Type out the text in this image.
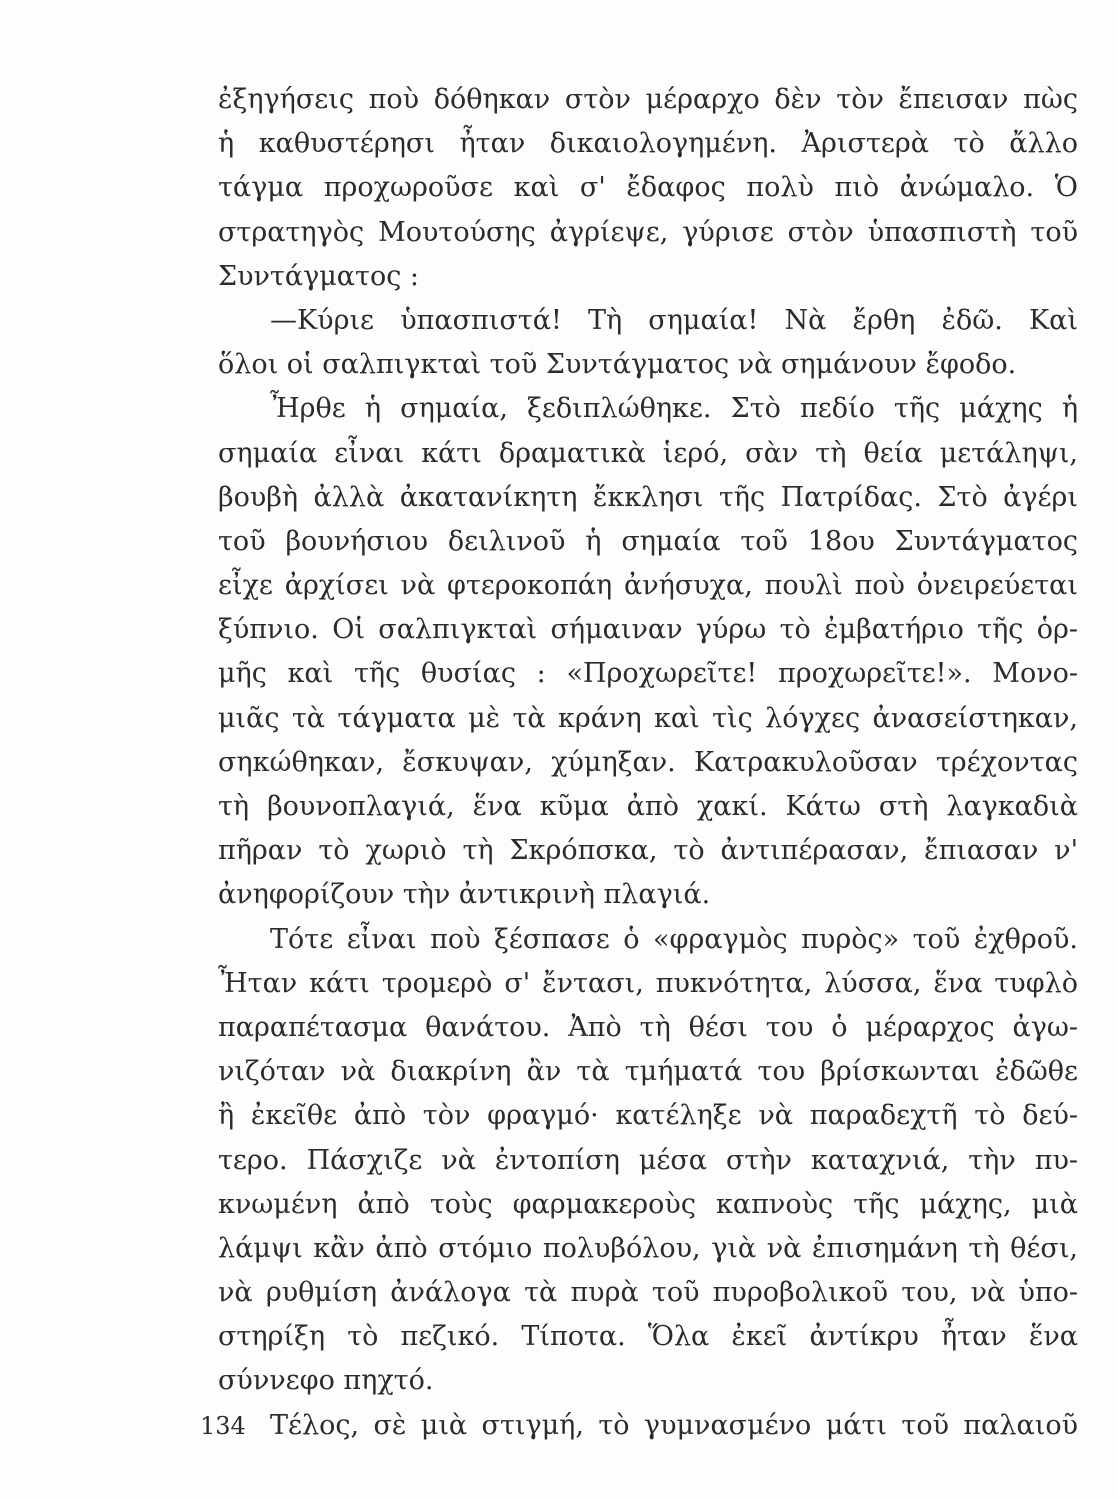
ἐξηγήσεις ποὺ δόθηκαν στὸν μέραρχο δὲν τὸν ἔπεισαν πὼς
ἡ καθυστέρησι ἦταν δικαιολογημένη. Ἀριστερὰ τὸ ἄλλο
τάγμα προχωροῦσε καὶ σ' ἔδαφος πολὺ πιὸ ἀνώμαλο. Ὁ
στρατηγὸς Μουτούσης ἀγρίεψε, γύρισε στὸν ὑπασπιστὴ τοῦ
Συντάγματος :
—Κύριε ὑπασπιστά! Τὴ σημαία! Νὰ ἔρθη ἐδῶ. Καὶ
ὅλοι οἱ σαλπιγκταὶ τοῦ Συντάγματος νὰ σημάνουν ἔφοδο.
Ἦρθε ἡ σημαία, ξεδιπλώθηκε. Στὸ πεδίο τῆς μάχης ἡ
σημαία εἶναι κάτι δραματικὰ ἱερό, σὰν τὴ θεία μετάληψι,
βουβὴ ἀλλὰ ἀκατανίκητη ἔκκλησι τῆς Πατρίδας. Στὸ ἀγέρι
τοῦ βουνήσιου δειλινοῦ ἡ σημαία τοῦ 18ου Συντάγματος
εἶχε ἀρχίσει νὰ φτεροκοπάη ἀνήσυχα, πουλὶ ποὺ ὀνειρεύεται
ξύπνιο. Οἱ σαλπιγκταὶ σήμαιναν γύρω τὸ ἐμβατήριο τῆς ὁρ-
μῆς καὶ τῆς θυσίας : «Προχωρεῖτε! προχωρεῖτε!». Μονο-
μιᾶς τὰ τάγματα μὲ τὰ κράνη καὶ τὶς λόγχες ἀνασείστηκαν,
σηκώθηκαν, ἔσκυψαν, χύμηξαν. Κατρακυλοῦσαν τρέχοντας
τὴ βουνοπλαγιά, ἕνα κῦμα ἀπὸ χακί. Κάτω στὴ λαγκαδιὰ
πῆραν τὸ χωριὸ τὴ Σκρόπσκα, τὸ ἀντιπέρασαν, ἔπιασαν ν'
ἀνηφορίζουν τὴν ἀντικρινὴ πλαγιά.
Τότε εἶναι ποὺ ξέσπασε ὁ «φραγμὸς πυρὸς» τοῦ ἐχθροῦ.
Ἦταν κάτι τρομερὸ σ' ἔντασι, πυκνότητα, λύσσα, ἕνα τυφλὸ
παραπέτασμα θανάτου. Ἀπὸ τὴ θέσι του ὁ μέραρχος ἀγω-
νιζόταν νὰ διακρίνη ἂν τὰ τμήματά του βρίσκωνται ἐδῶθε
ἢ ἐκεῖθε ἀπὸ τὸν φραγμό· κατέληξε νὰ παραδεχτῆ τὸ δεύ-
τερο. Πάσχιζε νὰ ἐντοπίση μέσα στὴν καταχνιά, τὴν πυ-
κνωμένη ἀπὸ τοὺς φαρμακεροὺς καπνοὺς τῆς μάχης, μιὰ
λάμψι κἂν ἀπὸ στόμιο πολυβόλου, γιὰ νὰ ἐπισημάνη τὴ θέσι,
νὰ ρυθμίση ἀνάλογα τὰ πυρὰ τοῦ πυροβολικοῦ του, νὰ ὑπο-
στηρίξη τὸ πεζικό. Τίποτα. Ὅλα ἐκεῖ ἀντίκρυ ἦταν ἕνα
σύννεφο πηχτό.
Τέλος, σὲ μιὰ στιγμή, τὸ γυμνασμένο μάτι τοῦ παλαιοῦ
134
